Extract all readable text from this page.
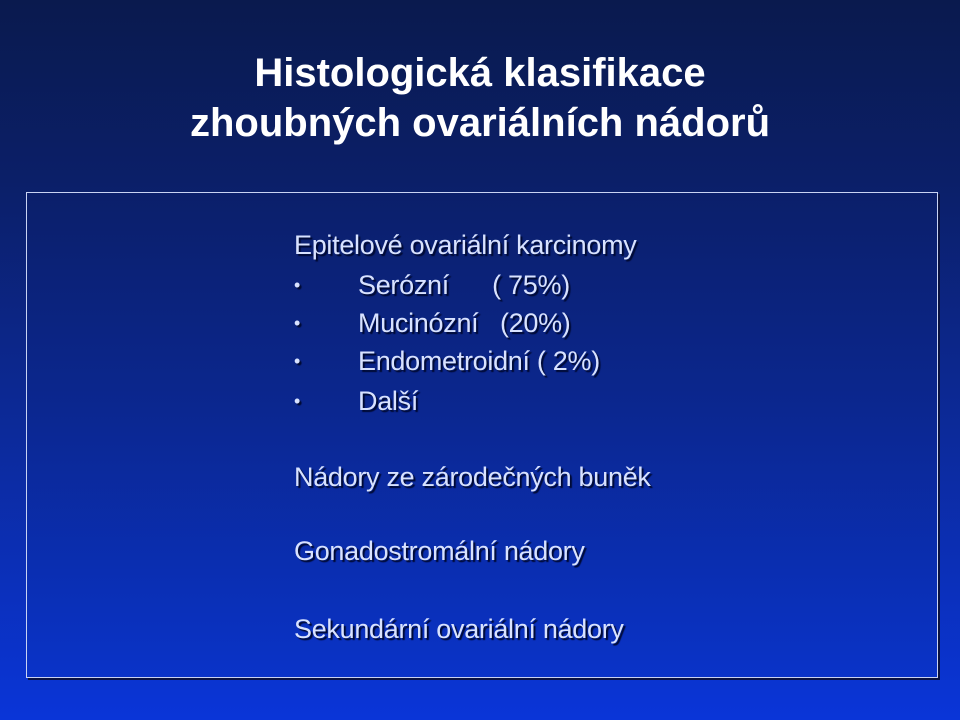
Histologická klasifikace
zhoubných ovariálních nádorů
Epitelové ovariální karcinomy
• Serózní      ( 75%)
• Mucinózní   (20%)
• Endometroidní ( 2%)
• Další
Nádory ze zárodečných buněk
Gonadostromální nádory
Sekundární ovariální nádory
